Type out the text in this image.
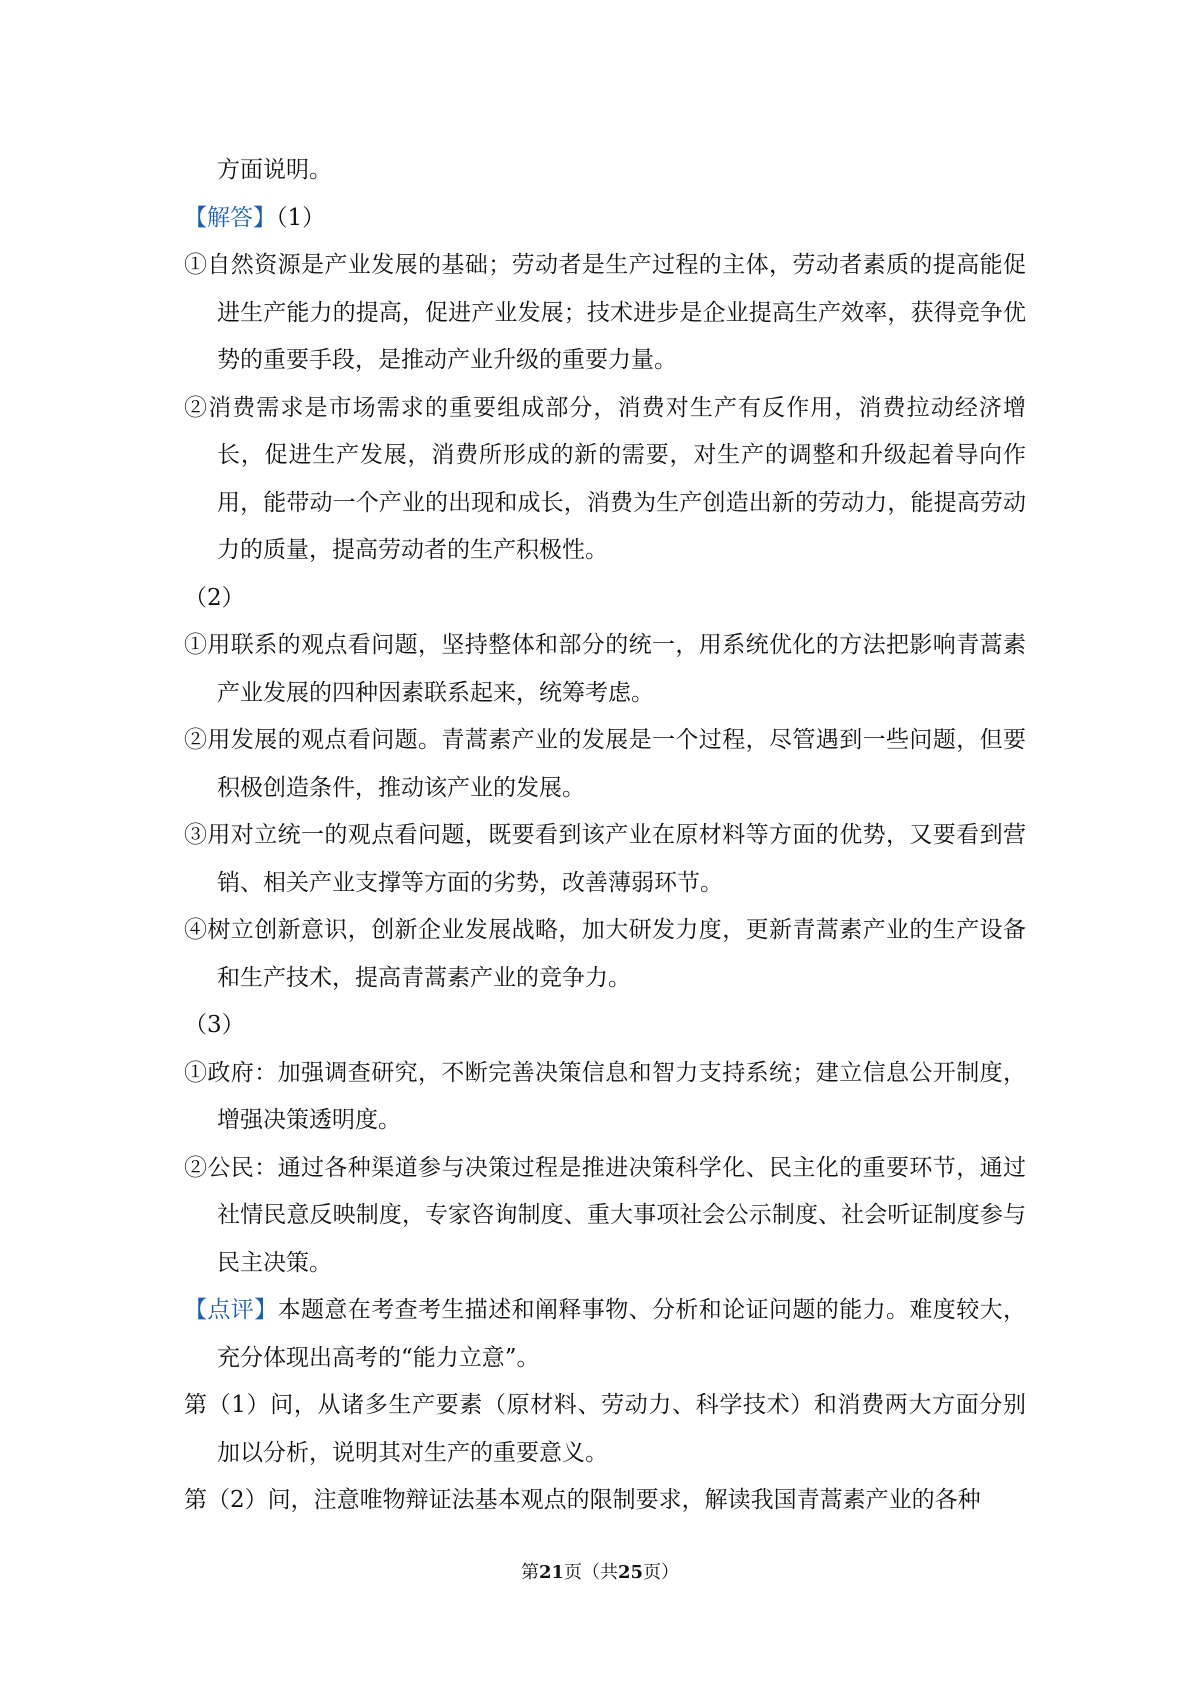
方面说明。

【解答】（1）

①自然资源是产业发展的基础；劳动者是生产过程的主体，劳动者素质的提高能促进生产能力的提高，促进产业发展；技术进步是企业提高生产效率，获得竞争优势的重要手段，是推动产业升级的重要力量。

②消费需求是市场需求的重要组成部分，消费对生产有反作用，消费拉动经济增长，促进生产发展，消费所形成的新的需要，对生产的调整和升级起着导向作用，能带动一个产业的出现和成长，消费为生产创造出新的劳动力，能提高劳动力的质量，提高劳动者的生产积极性。

（2）

①用联系的观点看问题，坚持整体和部分的统一，用系统优化的方法把影响青蒿素产业发展的四种因素联系起来，统筹考虑。

②用发展的观点看问题。青蒿素产业的发展是一个过程，尽管遇到一些问题，但要积极创造条件，推动该产业的发展。

③用对立统一的观点看问题，既要看到该产业在原材料等方面的优势，又要看到营销、相关产业支撑等方面的劣势，改善薄弱环节。

④树立创新意识，创新企业发展战略，加大研发力度，更新青蒿素产业的生产设备和生产技术，提高青蒿素产业的竞争力。

（3）

①政府：加强调查研究，不断完善决策信息和智力支持系统；建立信息公开制度，增强决策透明度。

②公民：通过各种渠道参与决策过程是推进决策科学化、民主化的重要环节，通过社情民意反映制度，专家咨询制度、重大事项社会公示制度、社会听证制度参与民主决策。

【点评】本题意在考查考生描述和阐释事物、分析和论证问题的能力。难度较大，充分体现出高考的“能力立意”。

第（1）问，从诸多生产要素（原材料、劳动力、科学技术）和消费两大方面分别加以分析，说明其对生产的重要意义。

第（2）问，注意唯物辩证法基本观点的限制要求，解读我国青蒿素产业的各种

第21页（共25页）
